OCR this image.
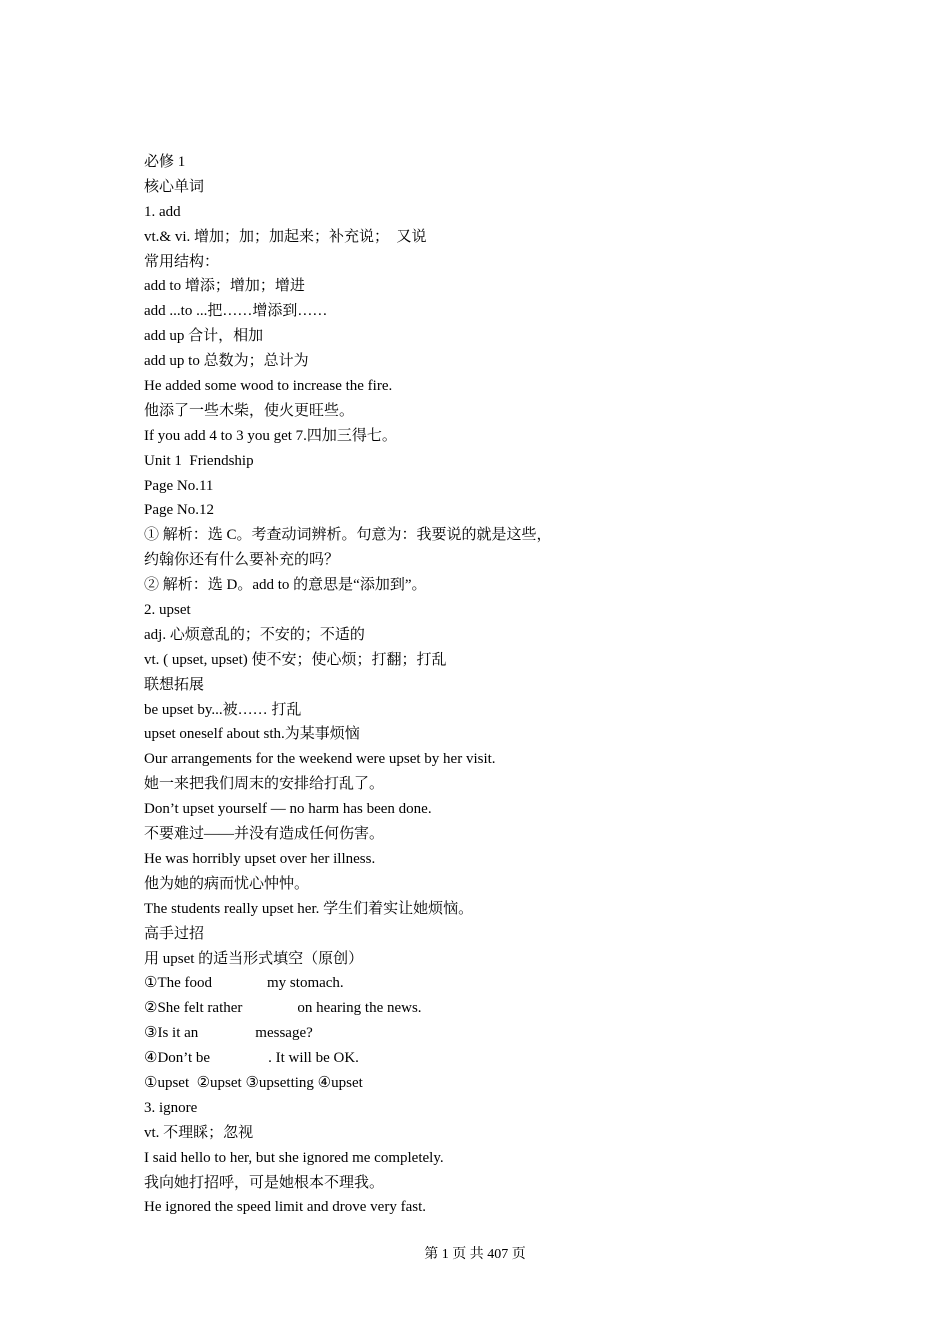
必修 1
核心单词
1. add
vt.& vi. 增加；加；加起来；补充说；  又说
常用结构：
add to 增添；增加；增进
add ...to ...把……增添到……
add up 合计，相加
add up to 总数为；总计为
He added some wood to increase the fire.
他添了一些木柴，使火更旺些。
If you add 4 to 3 you get 7.四加三得七。
Unit 1  Friendship
Page No.11
Page No.12
① 解析：选 C。考查动词辨析。句意为：我要说的就是这些，
约翰你还有什么要补充的吗？
② 解析：选 D。add to 的意思是“添加到”。
2. upset
adj. 心烦意乱的；不安的；不适的
vt. ( upset, upset) 使不安；使心烦；打翻；打乱
联想拓展
be upset by...被…… 打乱
upset oneself about sth.为某事烦恼
Our arrangements for the weekend were upset by her visit.
她一来把我们周末的安排给打乱了。
Don’t upset yourself — no harm has been done.
不要难过——并没有造成任何伤害。
He was horribly upset over her illness.
他为她的病而忧心忡忡。
The students really upset her. 学生们着实让她烦恼。
高手过招
用 upset 的适当形式填空（原创）
①The food	my stomach.
②She felt rather	on hearing the news.
③Is it an	message?
④Don’t be	. It will be OK.
①upset  ②upset ③upsetting ④upset
3. ignore
vt. 不理睬；忽视
I said hello to her, but she ignored me completely.
我向她打招呼，可是她根本不理我。
He ignored the speed limit and drove very fast.
第 1 页 共 407 页
